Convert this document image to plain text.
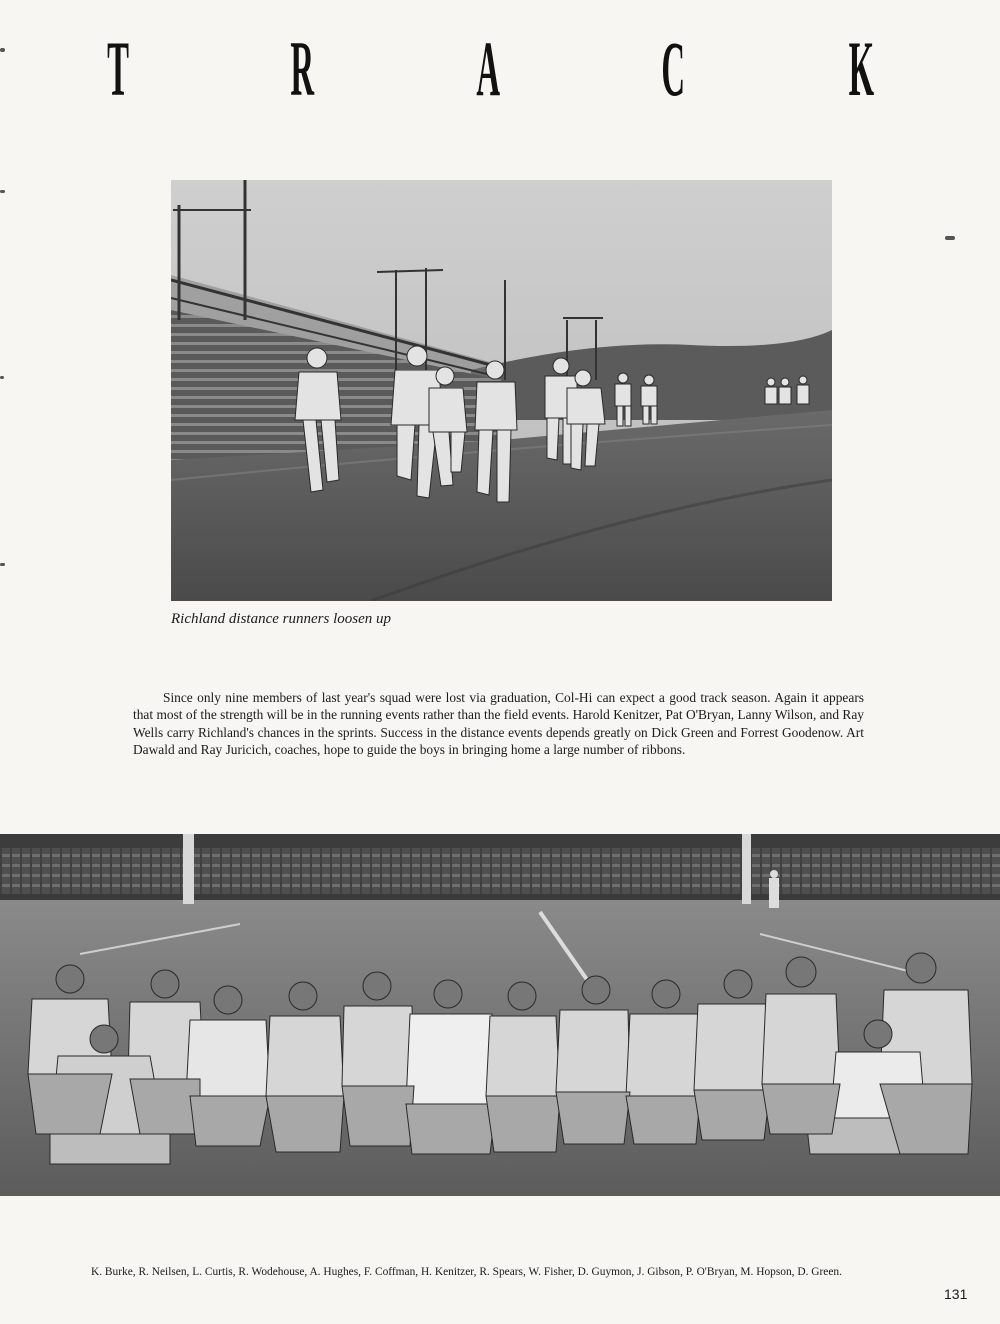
T R A C K
Richland distance runners loosen up

Since only nine members of last year's squad were lost via graduation, Col-Hi can expect a good track season. Again it appears that most of the strength will be in the running events rather than the field events. Harold Kenitzer, Pat O'Bryan, Lanny Wilson, and Ray Wells carry Richland's chances in the sprints. Success in the distance events depends greatly on Dick Green and Forrest Goodenow. Art Dawald and Ray Juricich, coaches, hope to guide the boys in bringing home a large number of ribbons.

K. Burke, R. Neilsen, L. Curtis, R. Wodehouse, A. Hughes, F. Coffman, H. Kenitzer, R. Spears, W. Fisher, D. Guymon, J. Gibson, P. O'Bryan, M. Hopson, D. Green.

131
